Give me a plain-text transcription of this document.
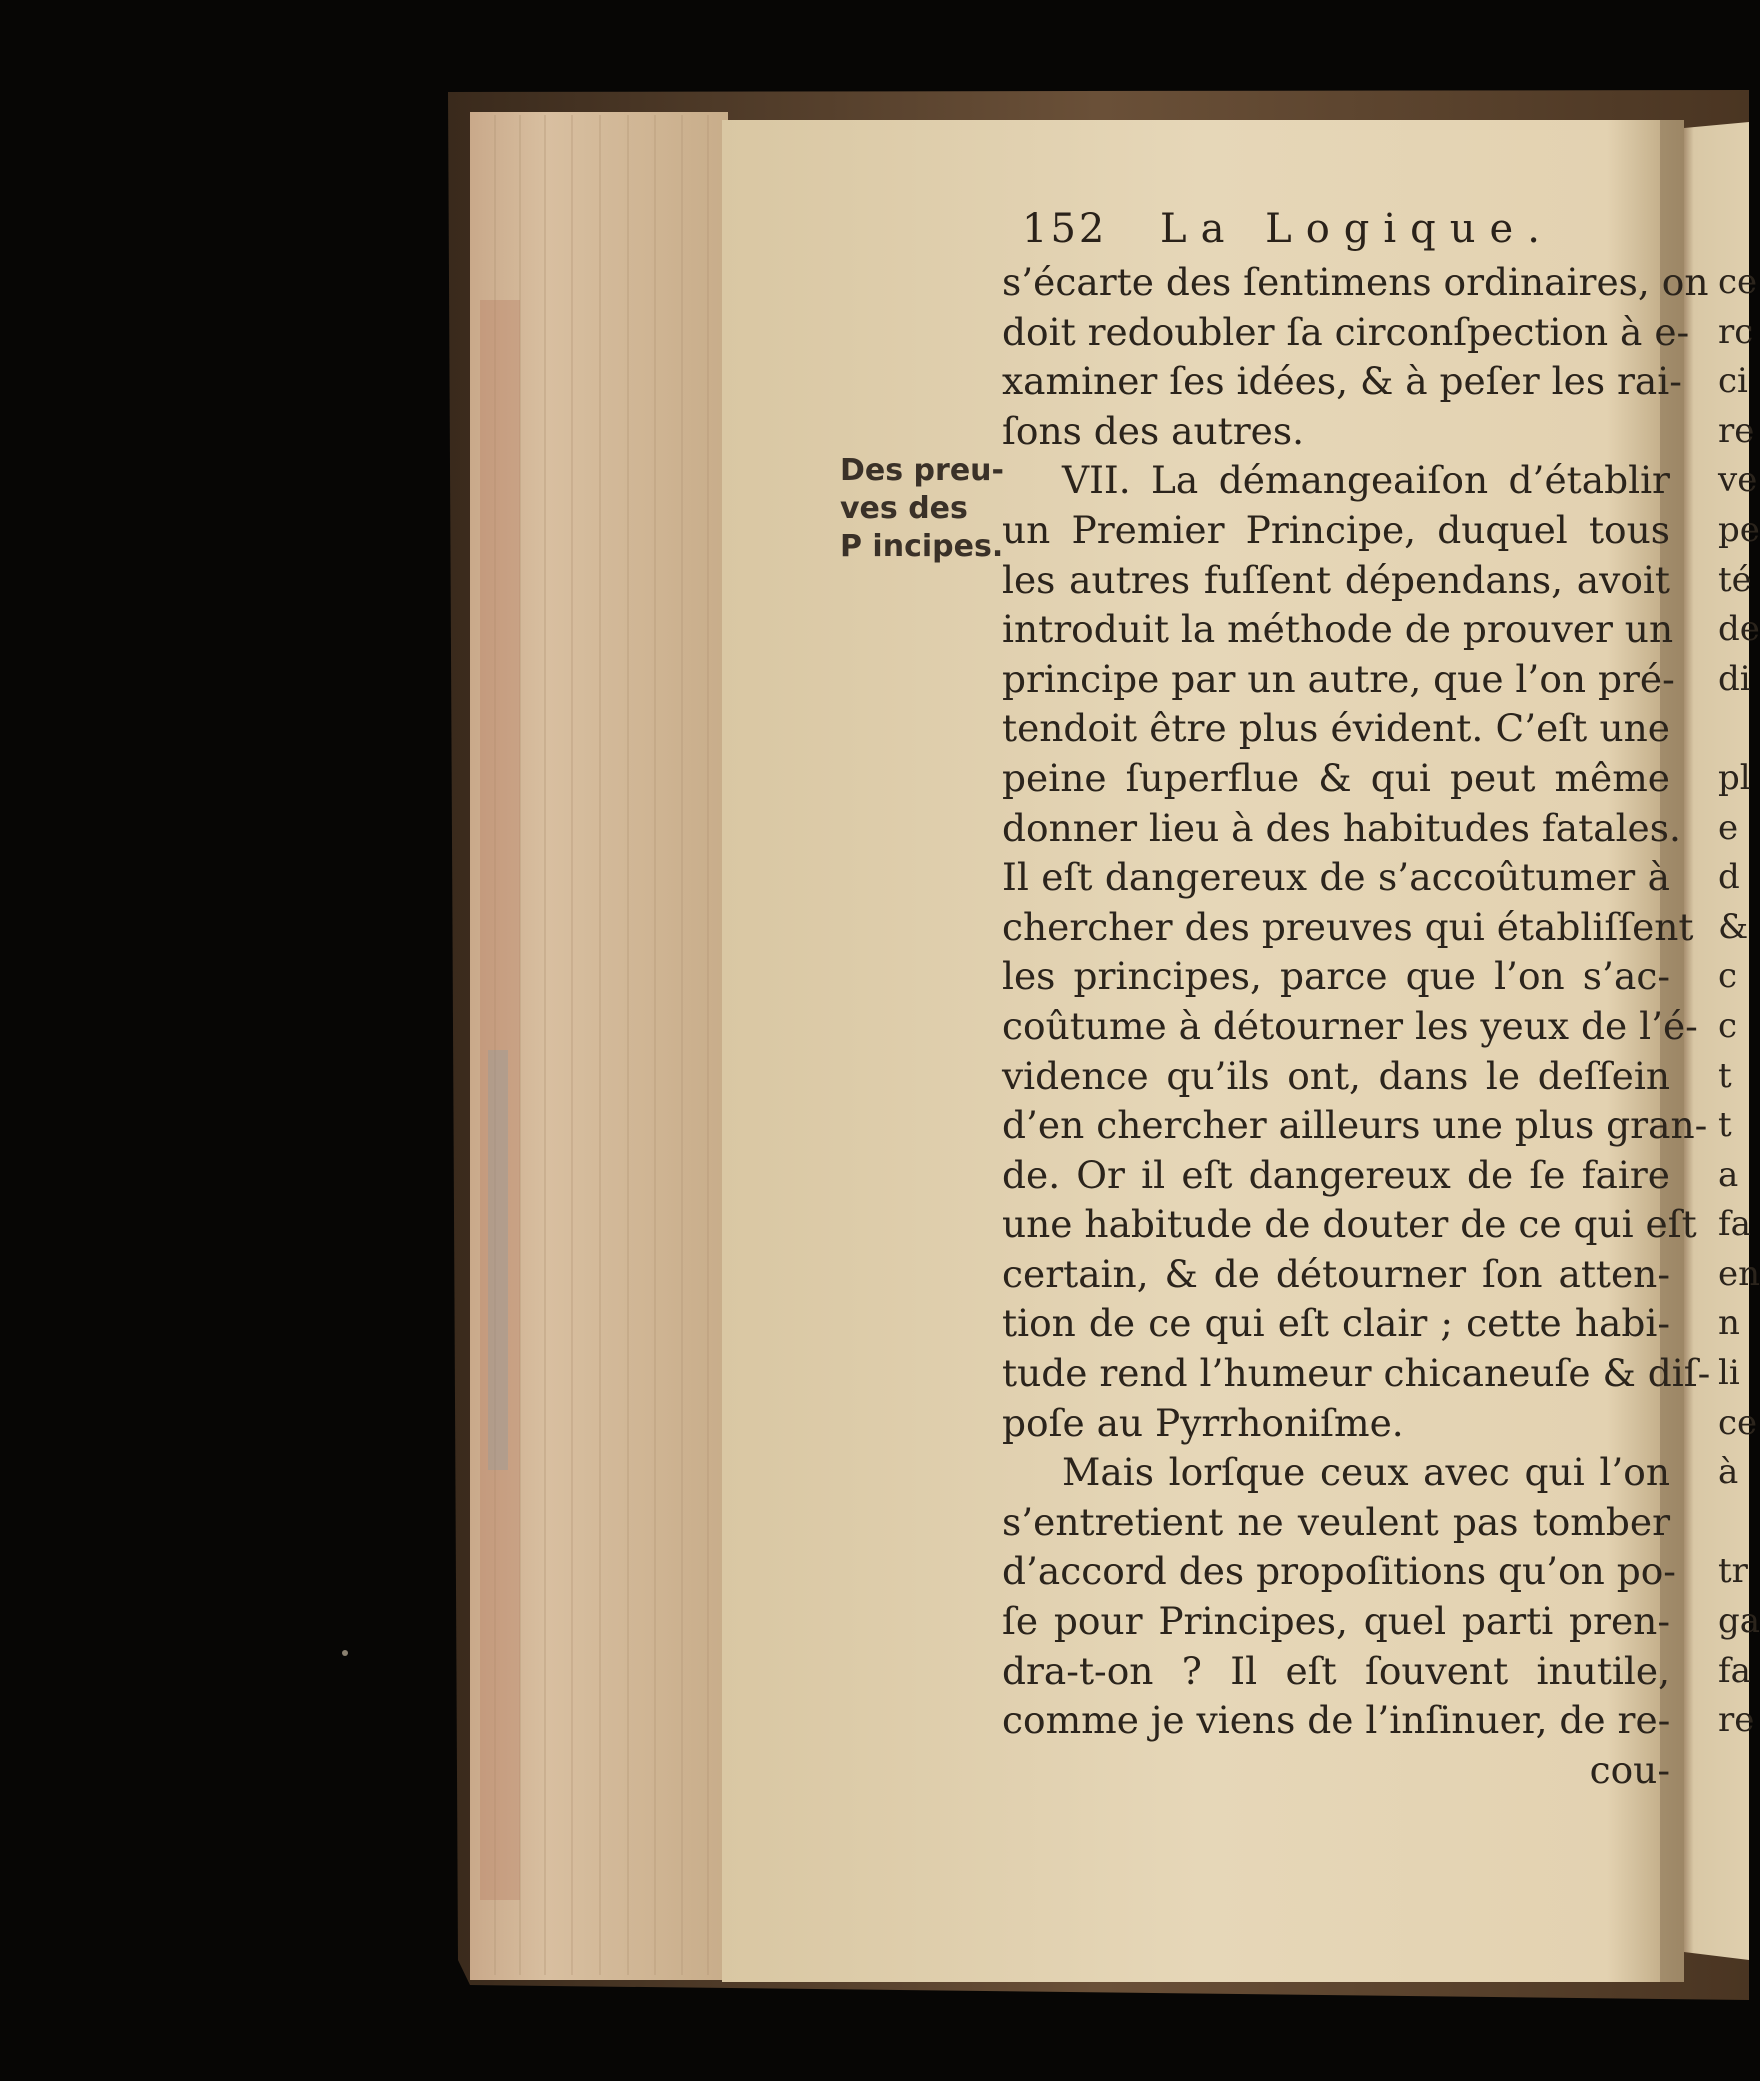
152 La Logique.
Des preu-
ves des
P incipes.
s’écarte des ſentimens ordinaires, on
doit redoubler ſa circonſpection à e-
xaminer ſes idées, & à peſer les rai-
ſons des autres.
VII. La démangeaiſon d’établir
un Premier Principe, duquel tous
les autres fuſſent dépendans, avoit
introduit la méthode de prouver un
principe par un autre, que l’on pré-
tendoit être plus évident. C’eſt une
peine ſuperflue & qui peut même
donner lieu à des habitudes fatales.
Il eſt dangereux de s’accoûtumer à
chercher des preuves qui établiſſent
les principes, parce que l’on s’ac-
coûtume à détourner les yeux de l’é-
vidence qu’ils ont, dans le deſſein
d’en chercher ailleurs une plus gran-
de. Or il eſt dangereux de ſe faire
une habitude de douter de ce qui eſt
certain, & de détourner ſon atten-
tion de ce qui eſt clair ; cette habi-
tude rend l’humeur chicaneuſe & diſ-
poſe au Pyrrhoniſme.
Mais lorſque ceux avec qui l’on
s’entretient ne veulent pas tomber
d’accord des propoſitions qu’on po-
ſe pour Principes, quel parti pren-
dra-t-on ? Il eſt ſouvent inutile,
comme je viens de l’inſinuer, de re-
cou-
ce
rc
ci
re
ve
pe
té
de
di
pl
e
d
&
c
c
t
t
a
fa
en
n
li
ce
à
tr
ga
fa
re
